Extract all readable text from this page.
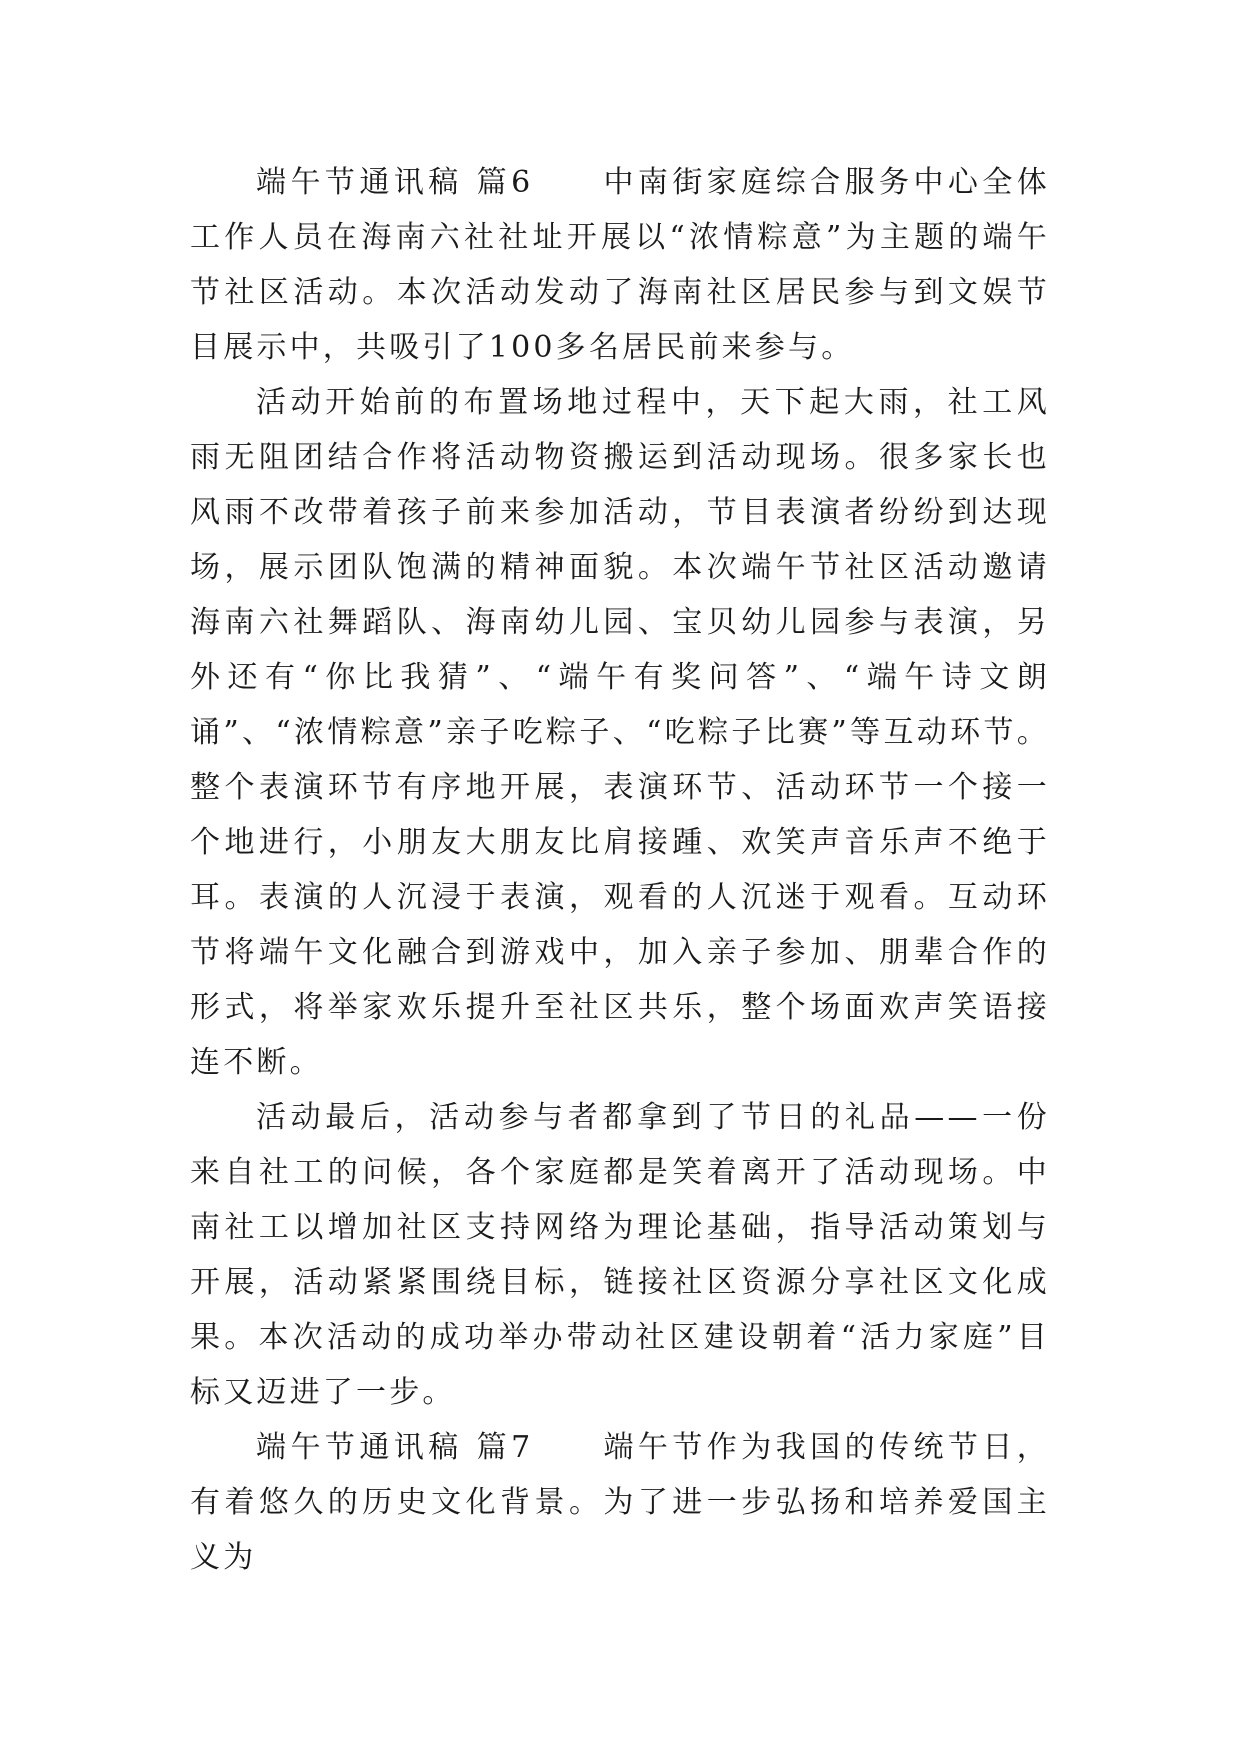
端午节通讯稿 篇6　　中南街家庭综合服务中心全体工作人员在海南六社社址开展以“浓情粽意”为主题的端午节社区活动。本次活动发动了海南社区居民参与到文娱节目展示中，共吸引了100多名居民前来参与。

活动开始前的布置场地过程中，天下起大雨，社工风雨无阻团结合作将活动物资搬运到活动现场。很多家长也风雨不改带着孩子前来参加活动，节目表演者纷纷到达现场，展示团队饱满的精神面貌。本次端午节社区活动邀请海南六社舞蹈队、海南幼儿园、宝贝幼儿园参与表演，另外还有“你比我猜”、“端午有奖问答”、“端午诗文朗诵”、“浓情粽意”亲子吃粽子、“吃粽子比赛”等互动环节。整个表演环节有序地开展，表演环节、活动环节一个接一个地进行，小朋友大朋友比肩接踵、欢笑声音乐声不绝于耳。表演的人沉浸于表演，观看的人沉迷于观看。互动环节将端午文化融合到游戏中，加入亲子参加、朋辈合作的形式，将举家欢乐提升至社区共乐，整个场面欢声笑语接连不断。

活动最后，活动参与者都拿到了节日的礼品——一份来自社工的问候，各个家庭都是笑着离开了活动现场。中南社工以增加社区支持网络为理论基础，指导活动策划与开展，活动紧紧围绕目标，链接社区资源分享社区文化成果。本次活动的成功举办带动社区建设朝着“活力家庭”目标又迈进了一步。

端午节通讯稿 篇7　　端午节作为我国的传统节日，有着悠久的历史文化背景。为了进一步弘扬和培养爱国主义为
